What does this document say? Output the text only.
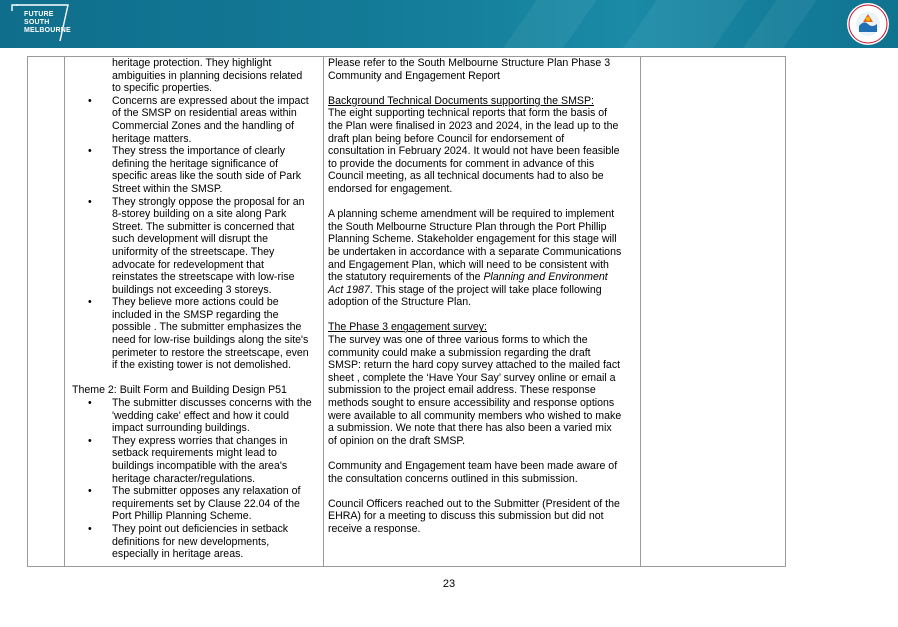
FUTURE
SOUTH
MELBOURNE
heritage protection. They highlight
ambiguities in planning decisions related
to specific properties.
• Concerns are expressed about the impact
of the SMSP on residential areas within
Commercial Zones and the handling of
heritage matters.
• They stress the importance of clearly
defining the heritage significance of
specific areas like the south side of Park
Street within the SMSP.
• They strongly oppose the proposal for an
8-storey building on a site along Park
Street. The submitter is concerned that
such development will disrupt the
uniformity of the streetscape. They
advocate for redevelopment that
reinstates the streetscape with low-rise
buildings not exceeding 3 storeys.
• They believe more actions could be
included in the SMSP regarding the
possible . The submitter emphasizes the
need for low-rise buildings along the site's
perimeter to restore the streetscape, even
if the existing tower is not demolished.
Theme 2: Built Form and Building Design P51
• The submitter discusses concerns with the
'wedding cake' effect and how it could
impact surrounding buildings.
• They express worries that changes in
setback requirements might lead to
buildings incompatible with the area's
heritage character/regulations.
• The submitter opposes any relaxation of
requirements set by Clause 22.04 of the
Port Phillip Planning Scheme.
• They point out deficiencies in setback
definitions for new developments,
especially in heritage areas.
Please refer to the South Melbourne Structure Plan Phase 3
Community and Engagement Report
Background Technical Documents supporting the SMSP:
The eight supporting technical reports that form the basis of
the Plan were finalised in 2023 and 2024, in the lead up to the
draft plan being before Council for endorsement of
consultation in February 2024. It would not have been feasible
to provide the documents for comment in advance of this
Council meeting, as all technical documents had to also be
endorsed for engagement.
A planning scheme amendment will be required to implement
the South Melbourne Structure Plan through the Port Phillip
Planning Scheme. Stakeholder engagement for this stage will
be undertaken in accordance with a separate Communications
and Engagement Plan, which will need to be consistent with
the statutory requirements of the Planning and Environment
Act 1987. This stage of the project will take place following
adoption of the Structure Plan.
The Phase 3 engagement survey:
The survey was one of three various forms to which the
community could make a submission regarding the draft
SMSP: return the hard copy survey attached to the mailed fact
sheet , complete the ‘Have Your Say’ survey online or email a
submission to the project email address. These response
methods sought to ensure accessibility and response options
were available to all community members who wished to make
a submission. We note that there has also been a varied mix
of opinion on the draft SMSP.
Community and Engagement team have been made aware of
the consultation concerns outlined in this submission.
Council Officers reached out to the Submitter (President of the
EHRA) for a meeting to discuss this submission but did not
receive a response.
23
